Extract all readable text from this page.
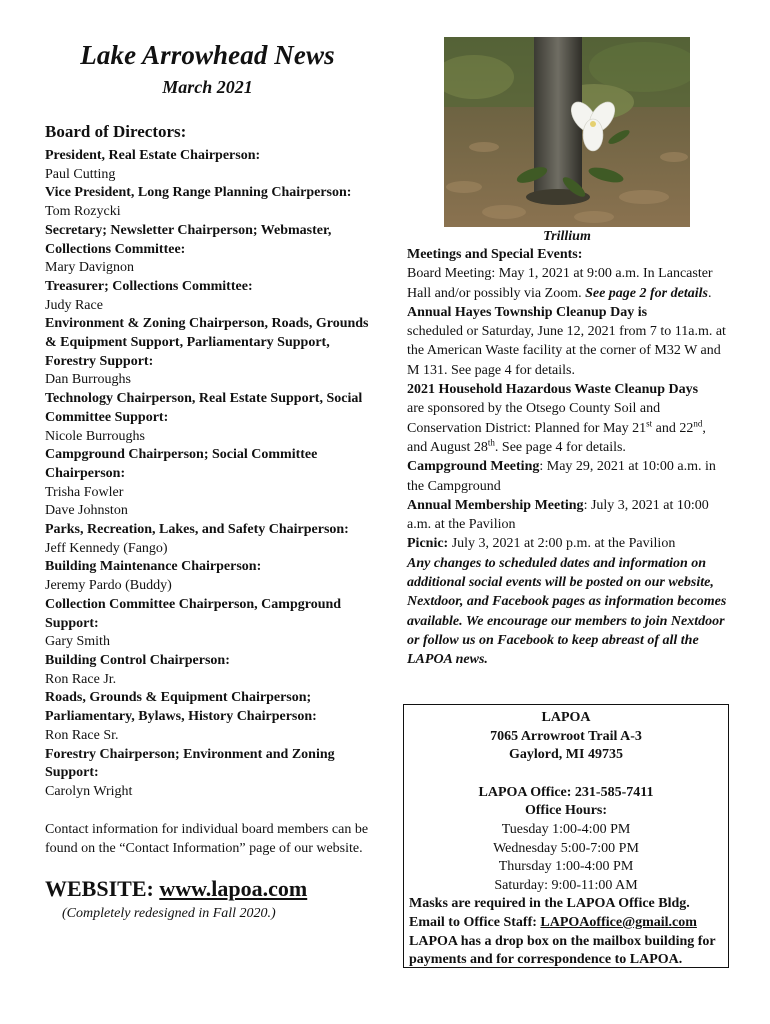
Lake Arrowhead News
March 2021
Board of Directors:
President, Real Estate Chairperson:
Paul Cutting
Vice President, Long Range Planning Chairperson:
Tom Rozycki
Secretary; Newsletter Chairperson; Webmaster, Collections Committee:
Mary Davignon
Treasurer; Collections Committee:
Judy Race
Environment & Zoning Chairperson, Roads, Grounds & Equipment Support, Parliamentary Support, Forestry Support:
Dan Burroughs
Technology Chairperson, Real Estate Support, Social Committee Support:
Nicole Burroughs
Campground Chairperson; Social Committee Chairperson:
Trisha Fowler
Dave Johnston
Parks, Recreation, Lakes, and Safety Chairperson:
Jeff Kennedy (Fango)
Building Maintenance Chairperson:
Jeremy Pardo (Buddy)
Collection Committee Chairperson, Campground Support:
Gary Smith
Building Control Chairperson:
Ron Race Jr.
Roads, Grounds & Equipment Chairperson; Parliamentary, Bylaws, History Chairperson:
Ron Race Sr.
Forestry Chairperson; Environment and Zoning Support:
Carolyn Wright
Contact information for individual board members can be found on the “Contact Information” page of our website.
WEBSITE: www.lapoa.com
(Completely redesigned in Fall 2020.)
Trillium
Meetings and Special Events:
Board Meeting: May 1, 2021 at 9:00 a.m. In Lancaster Hall and/or possibly via Zoom. See page 2 for details.
Annual Hayes Township Cleanup Day is
scheduled or Saturday, June 12, 2021 from 7 to 11a.m. at the American Waste facility at the corner of M32 W and M 131. See page 4 for details.
2021 Household Hazardous Waste Cleanup Days
are sponsored by the Otsego County Soil and Conservation District: Planned for May 21st and 22nd, and August 28th. See page 4 for details.
Campground Meeting: May 29, 2021 at 10:00 a.m. in the Campground
Annual Membership Meeting: July 3, 2021 at 10:00 a.m. at the Pavilion
Picnic: July 3, 2021 at 2:00 p.m. at the Pavilion
Any changes to scheduled dates and information on additional social events will be posted on our website, Nextdoor, and Facebook pages as information becomes available. We encourage our members to join Nextdoor or follow us on Facebook to keep abreast of all the LAPOA news.
LAPOA
7065 Arrowroot Trail A-3
Gaylord, MI 49735
LAPOA Office: 231-585-7411
Office Hours:
Tuesday 1:00-4:00 PM
Wednesday 5:00-7:00 PM
Thursday 1:00-4:00 PM
Saturday: 9:00-11:00 AM
Masks are required in the LAPOA Office Bldg.
Email to Office Staff: LAPOAoffice@gmail.com
LAPOA has a drop box on the mailbox building for payments and for correspondence to LAPOA.
